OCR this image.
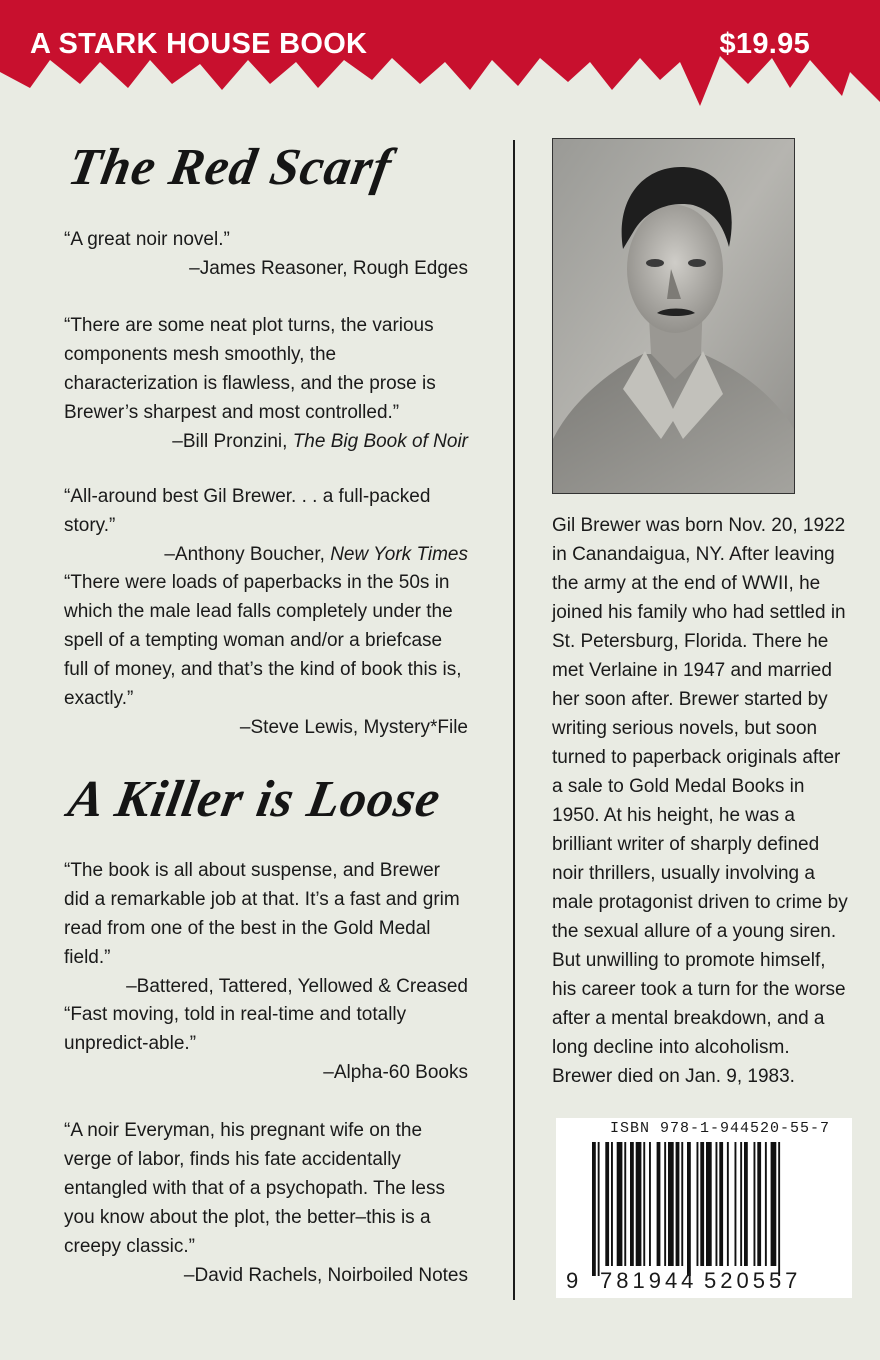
A STARK HOUSE BOOK	$19.95
The Red Scarf

“A great noir novel.”

–James Reasoner, Rough Edges

“There are some neat plot turns, the various components mesh smoothly, the characterization is flawless, and the prose is Brewer’s sharpest and most controlled.”

–Bill Pronzini, The Big Book of Noir

“All-around best Gil Brewer. . . a full-packed story.”

–Anthony Boucher, New York Times

“There were loads of paperbacks in the 50s in which the male lead falls completely under the spell of a tempting woman and/or a briefcase full of money, and that’s the kind of book this is, exactly.”

–Steve Lewis, Mystery*File

A Killer is Loose

“The book is all about suspense, and Brewer did a remarkable job at that. It’s a fast and grim read from one of the best in the Gold Medal field.”

–Battered, Tattered, Yellowed & Creased

“Fast moving, told in real-time and totally unpredict-able.”

–Alpha-60 Books

“A noir Everyman, his pregnant wife on the verge of labor, finds his fate accidentally entangled with that of a psychopath. The less you know about the plot, the better–this is a creepy classic.”

–David Rachels, Noirboiled Notes

Gil Brewer was born Nov. 20, 1922 in Canandaigua, NY. After leaving the army at the end of WWII, he joined his family who had settled in St. Petersburg, Florida. There he met Verlaine in 1947 and married her soon after. Brewer started by writing serious novels, but soon turned to paperback originals after a sale to Gold Medal Books in 1950. At his height, he was a brilliant writer of sharply defined noir thrillers, usually involving a male protagonist driven to crime by the sexual allure of a young siren. But unwilling to promote himself, his career took a turn for the worse after a mental breakdown, and a long decline into alcoholism. Brewer died on Jan. 9, 1983.

ISBN 978-1-944520-55-7

9 781944 520557
